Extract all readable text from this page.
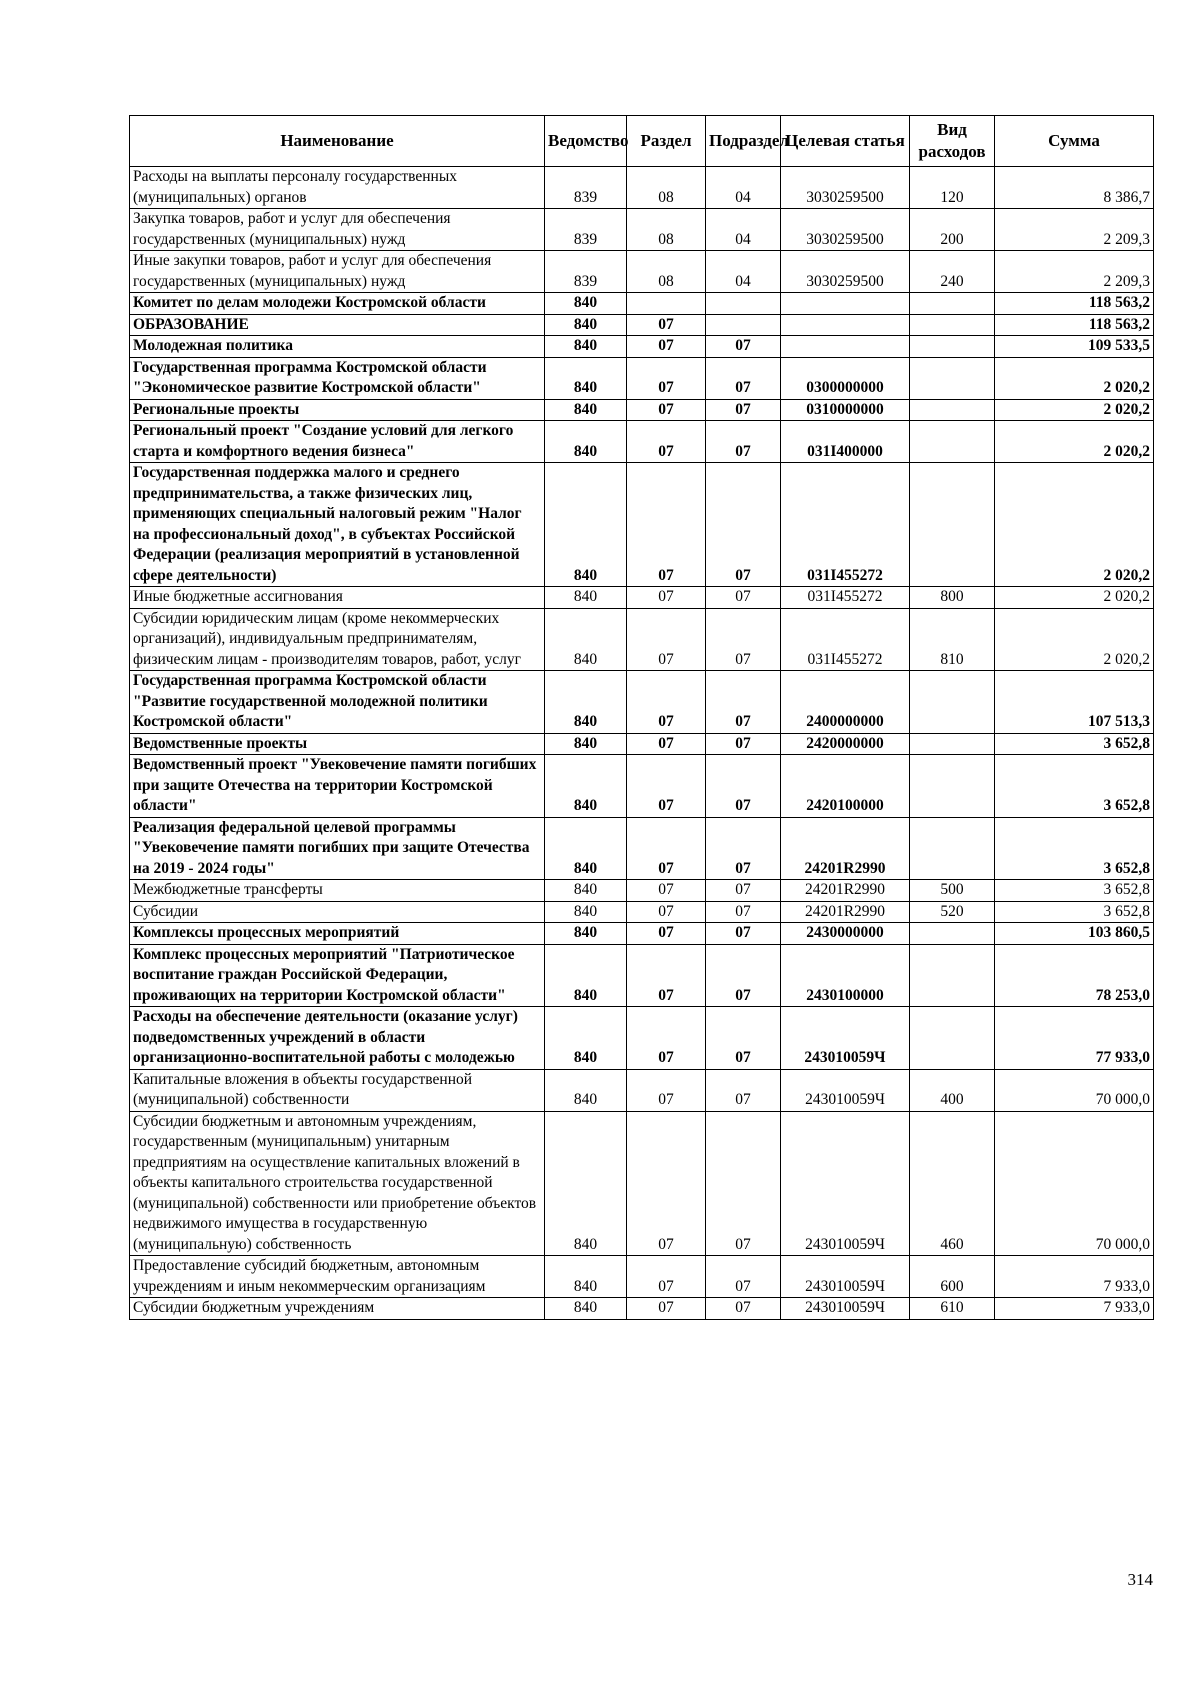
Наименование	Ведомство	Раздел	Подраздел	Целевая статья	Вид расходов	Сумма
Расходы на выплаты персоналу государственных (муниципальных) органов	839	08	04	3030259500	120	8 386,7
Закупка товаров, работ и услуг для обеспечения государственных (муниципальных) нужд	839	08	04	3030259500	200	2 209,3
Иные закупки товаров, работ и услуг для обеспечения государственных (муниципальных) нужд	839	08	04	3030259500	240	2 209,3
Комитет по делам молодежи Костромской области	840					118 563,2
ОБРАЗОВАНИЕ	840	07				118 563,2
Молодежная политика	840	07	07			109 533,5
Государственная программа Костромской области "Экономическое развитие Костромской области"	840	07	07	0300000000		2 020,2
Региональные проекты	840	07	07	0310000000		2 020,2
Региональный проект "Создание условий для легкого старта и комфортного ведения бизнеса"	840	07	07	031I400000		2 020,2
Государственная поддержка малого и среднего предпринимательства, а также физических лиц, применяющих специальный налоговый режим "Налог на профессиональный доход", в субъектах Российской Федерации (реализация мероприятий в установленной сфере деятельности)	840	07	07	031I455272		2 020,2
Иные бюджетные ассигнования	840	07	07	031I455272	800	2 020,2
Субсидии юридическим лицам (кроме некоммерческих организаций), индивидуальным предпринимателям, физическим лицам - производителям товаров, работ, услуг	840	07	07	031I455272	810	2 020,2
Государственная программа Костромской области "Развитие государственной молодежной политики Костромской области"	840	07	07	2400000000		107 513,3
Ведомственные проекты	840	07	07	2420000000		3 652,8
Ведомственный проект "Увековечение памяти погибших при защите Отечества на территории Костромской области"	840	07	07	2420100000		3 652,8
Реализация федеральной целевой программы "Увековечение памяти погибших при защите Отечества на 2019 - 2024 годы"	840	07	07	24201R2990		3 652,8
Межбюджетные трансферты	840	07	07	24201R2990	500	3 652,8
Субсидии	840	07	07	24201R2990	520	3 652,8
Комплексы процессных мероприятий	840	07	07	2430000000		103 860,5
Комплекс процессных мероприятий "Патриотическое воспитание граждан Российской Федерации, проживающих на территории Костромской области"	840	07	07	2430100000		78 253,0
Расходы на обеспечение деятельности (оказание услуг) подведомственных учреждений в области организационно-воспитательной работы с молодежью	840	07	07	243010059Ч		77 933,0
Капитальные вложения в объекты государственной (муниципальной) собственности	840	07	07	243010059Ч	400	70 000,0
Субсидии бюджетным и автономным учреждениям, государственным (муниципальным) унитарным предприятиям на осуществление капитальных вложений в объекты капитального строительства государственной (муниципальной) собственности или приобретение объектов недвижимого имущества в государственную (муниципальную) собственность	840	07	07	243010059Ч	460	70 000,0
Предоставление субсидий бюджетным, автономным учреждениям и иным некоммерческим организациям	840	07	07	243010059Ч	600	7 933,0
Субсидии бюджетным учреждениям	840	07	07	243010059Ч	610	7 933,0
314
